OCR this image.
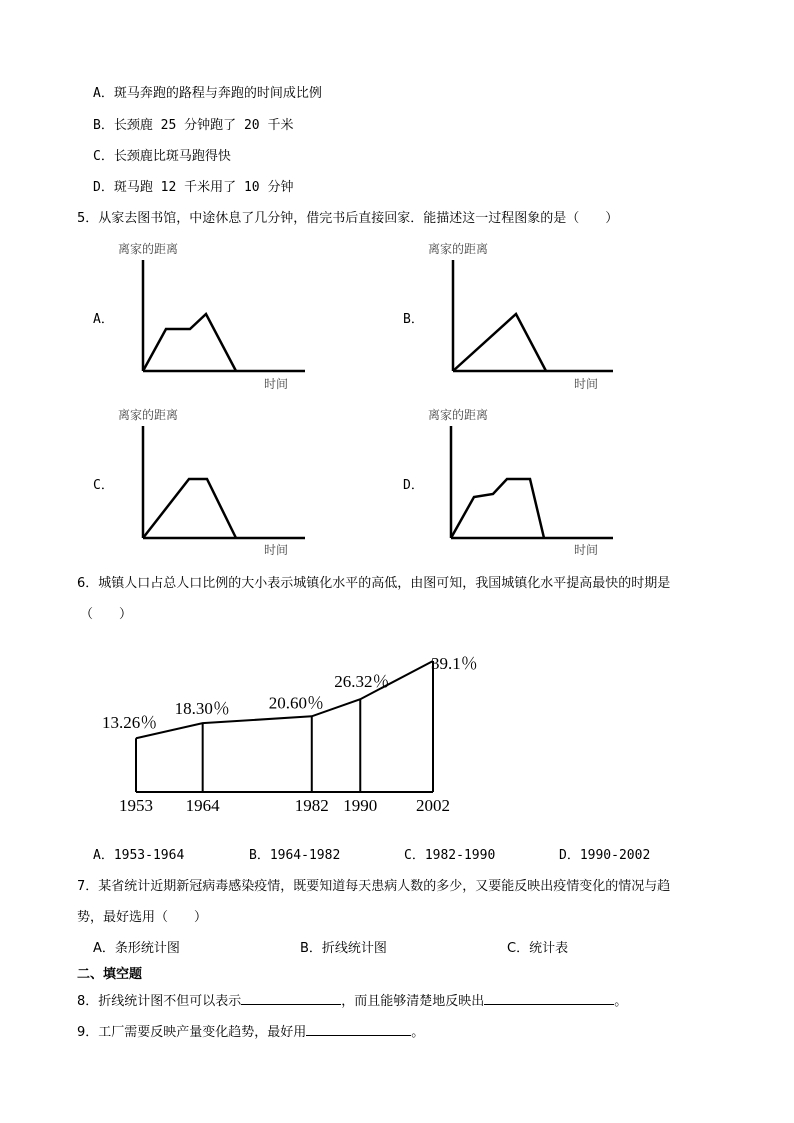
A．斑马奔跑的路程与奔跑的时间成比例
B．长颈鹿 25 分钟跑了 20 千米
C．长颈鹿比斑马跑得快
D．斑马跑 12 千米用了 10 分钟
5．从家去图书馆，中途休息了几分钟，借完书后直接回家．能描述这一过程图象的是（　　）
A．
离家的距离
时间
B．
离家的距离
时间
C．
离家的距离
时间
D．
离家的距离
时间
6．城镇人口占总人口比例的大小表示城镇化水平的高低，由图可知，我国城镇化水平提高最快的时期是
（　　）
13.26％
18.30％ 20.60％
26.32％
39.1％
1953 1964	1982 1990 2002
A．1953-1964	B．1964-1982	C．1982-1990	D．1990-2002
7．某省统计近期新冠病毒感染疫情，既要知道每天患病人数的多少，又要能反映出疫情变化的情况与趋
势，最好选用（　　）
A．条形统计图	B．折线统计图	C．统计表
二、填空题
8．折线统计图不但可以表示	，而且能够清楚地反映出	。
9．工厂需要反映产量变化趋势，最好用	。
